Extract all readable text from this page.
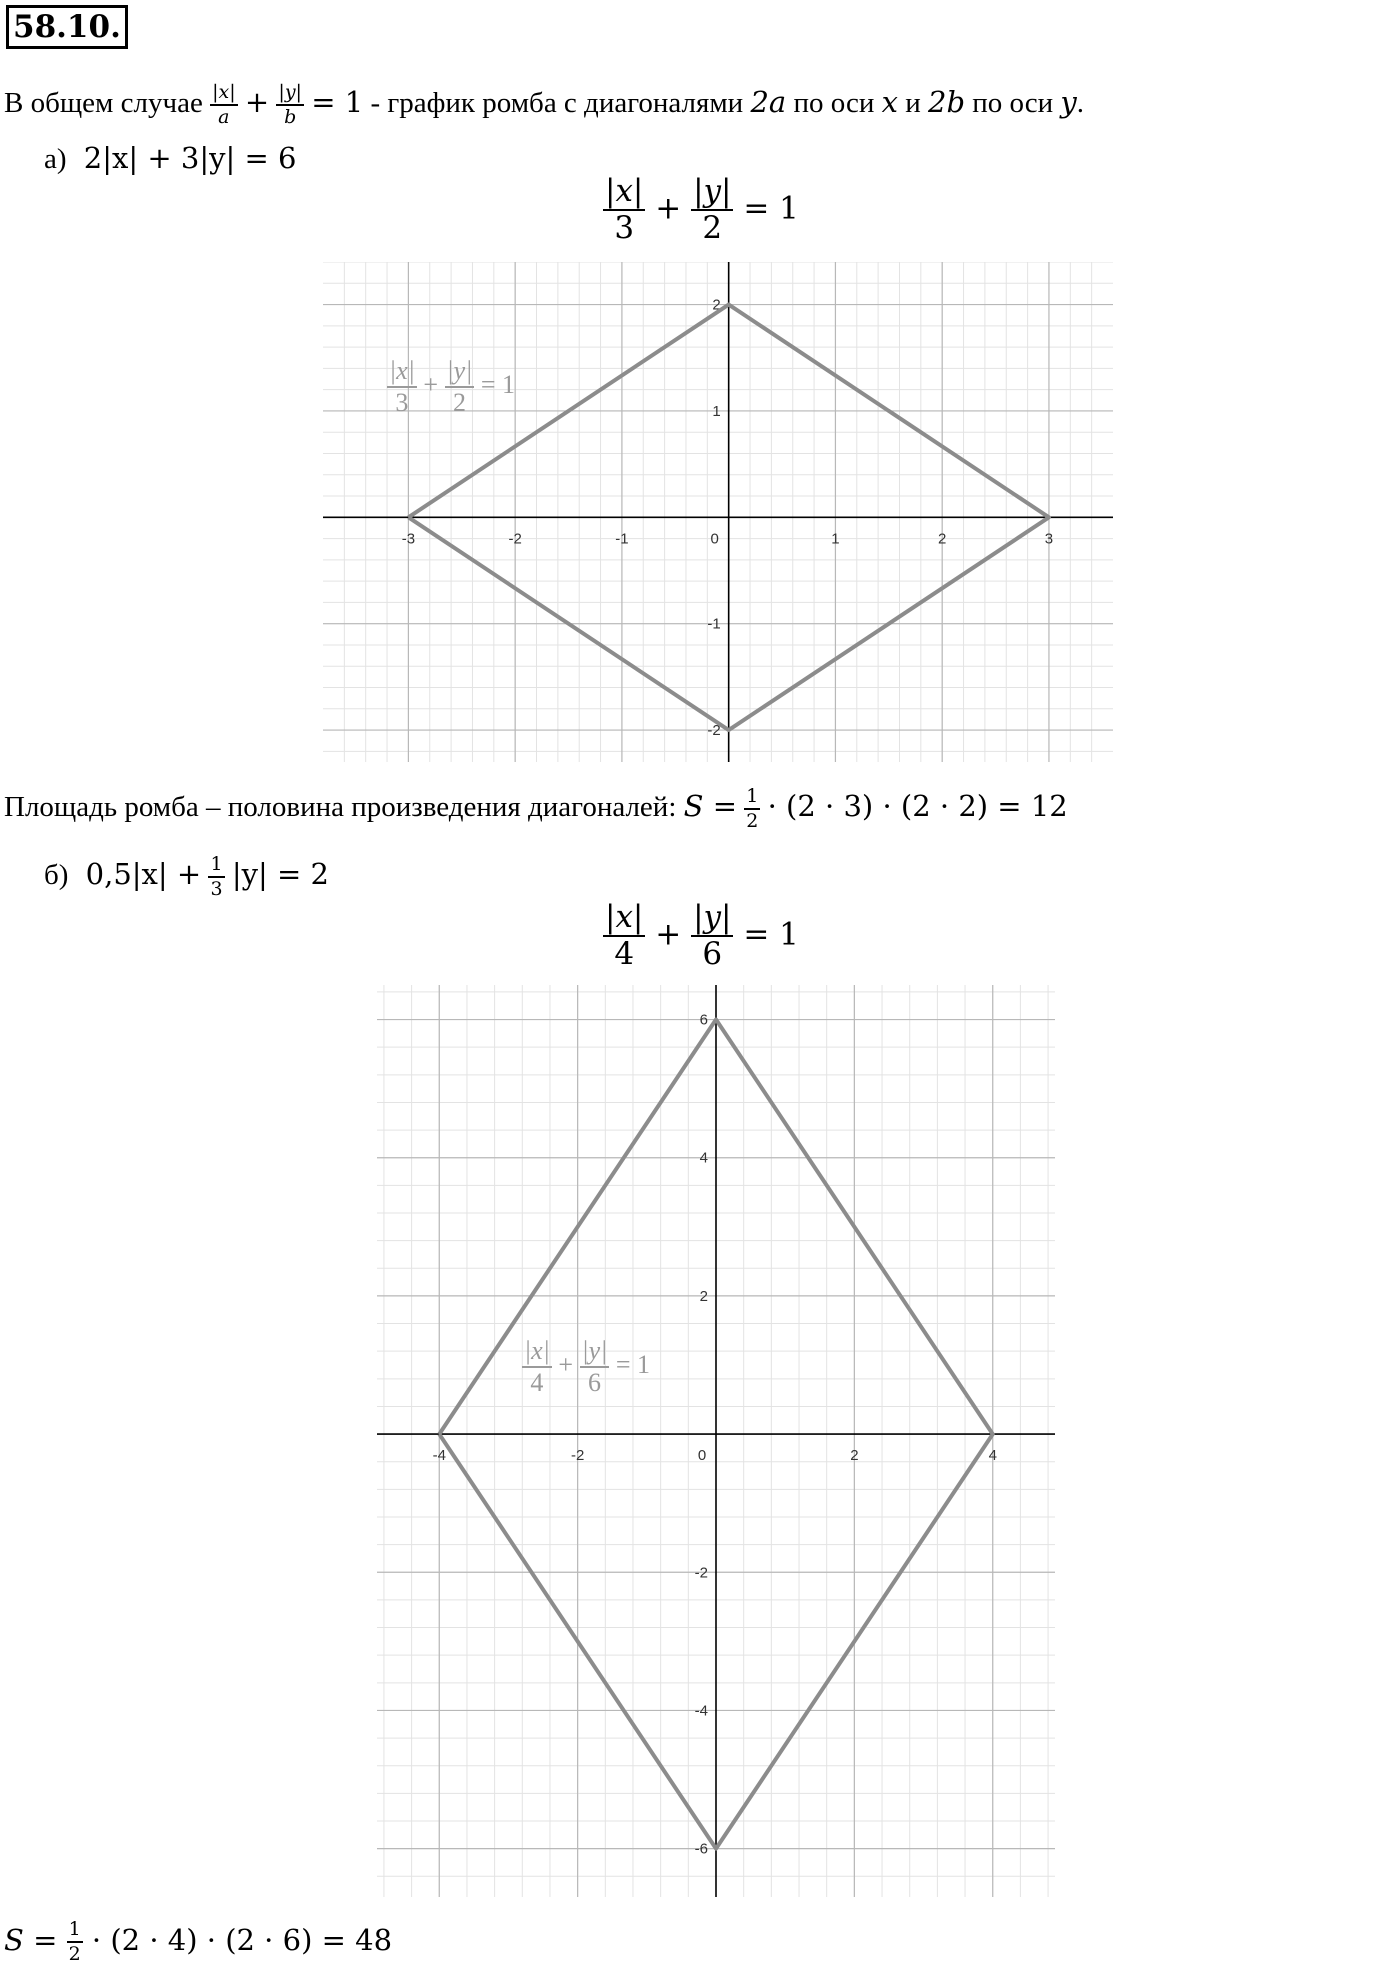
58.10.
В общем случае $\frac{|x|}{a} + \frac{|y|}{b} = 1$ - график ромба с диагоналями 2a по оси x и 2b по оси y.
а) 2|x| + 3|y| = 6
$\frac{|x|}{3} + \frac{|y|}{2} = 1$
-3	-2	-1	0	1	2	3
-2
-1
1
2
$\frac{|x|}{3} + \frac{|y|}{2} = 1$
Площадь ромба – половина произведения диагоналей: $S = \frac{1}{2} \cdot (2 \cdot 3) \cdot (2 \cdot 2) = 12$
б) $0,5|x| + \frac{1}{3} |y| = 2$
$\frac{|x|}{4} + \frac{|y|}{6} = 1$
-4	-2	0	2	4
-6
-4
-2
2
4
6
$\frac{|x|}{4} + \frac{|y|}{6} = 1$
$S = \frac{1}{2} \cdot (2 \cdot 4) \cdot (2 \cdot 6) = 48$
